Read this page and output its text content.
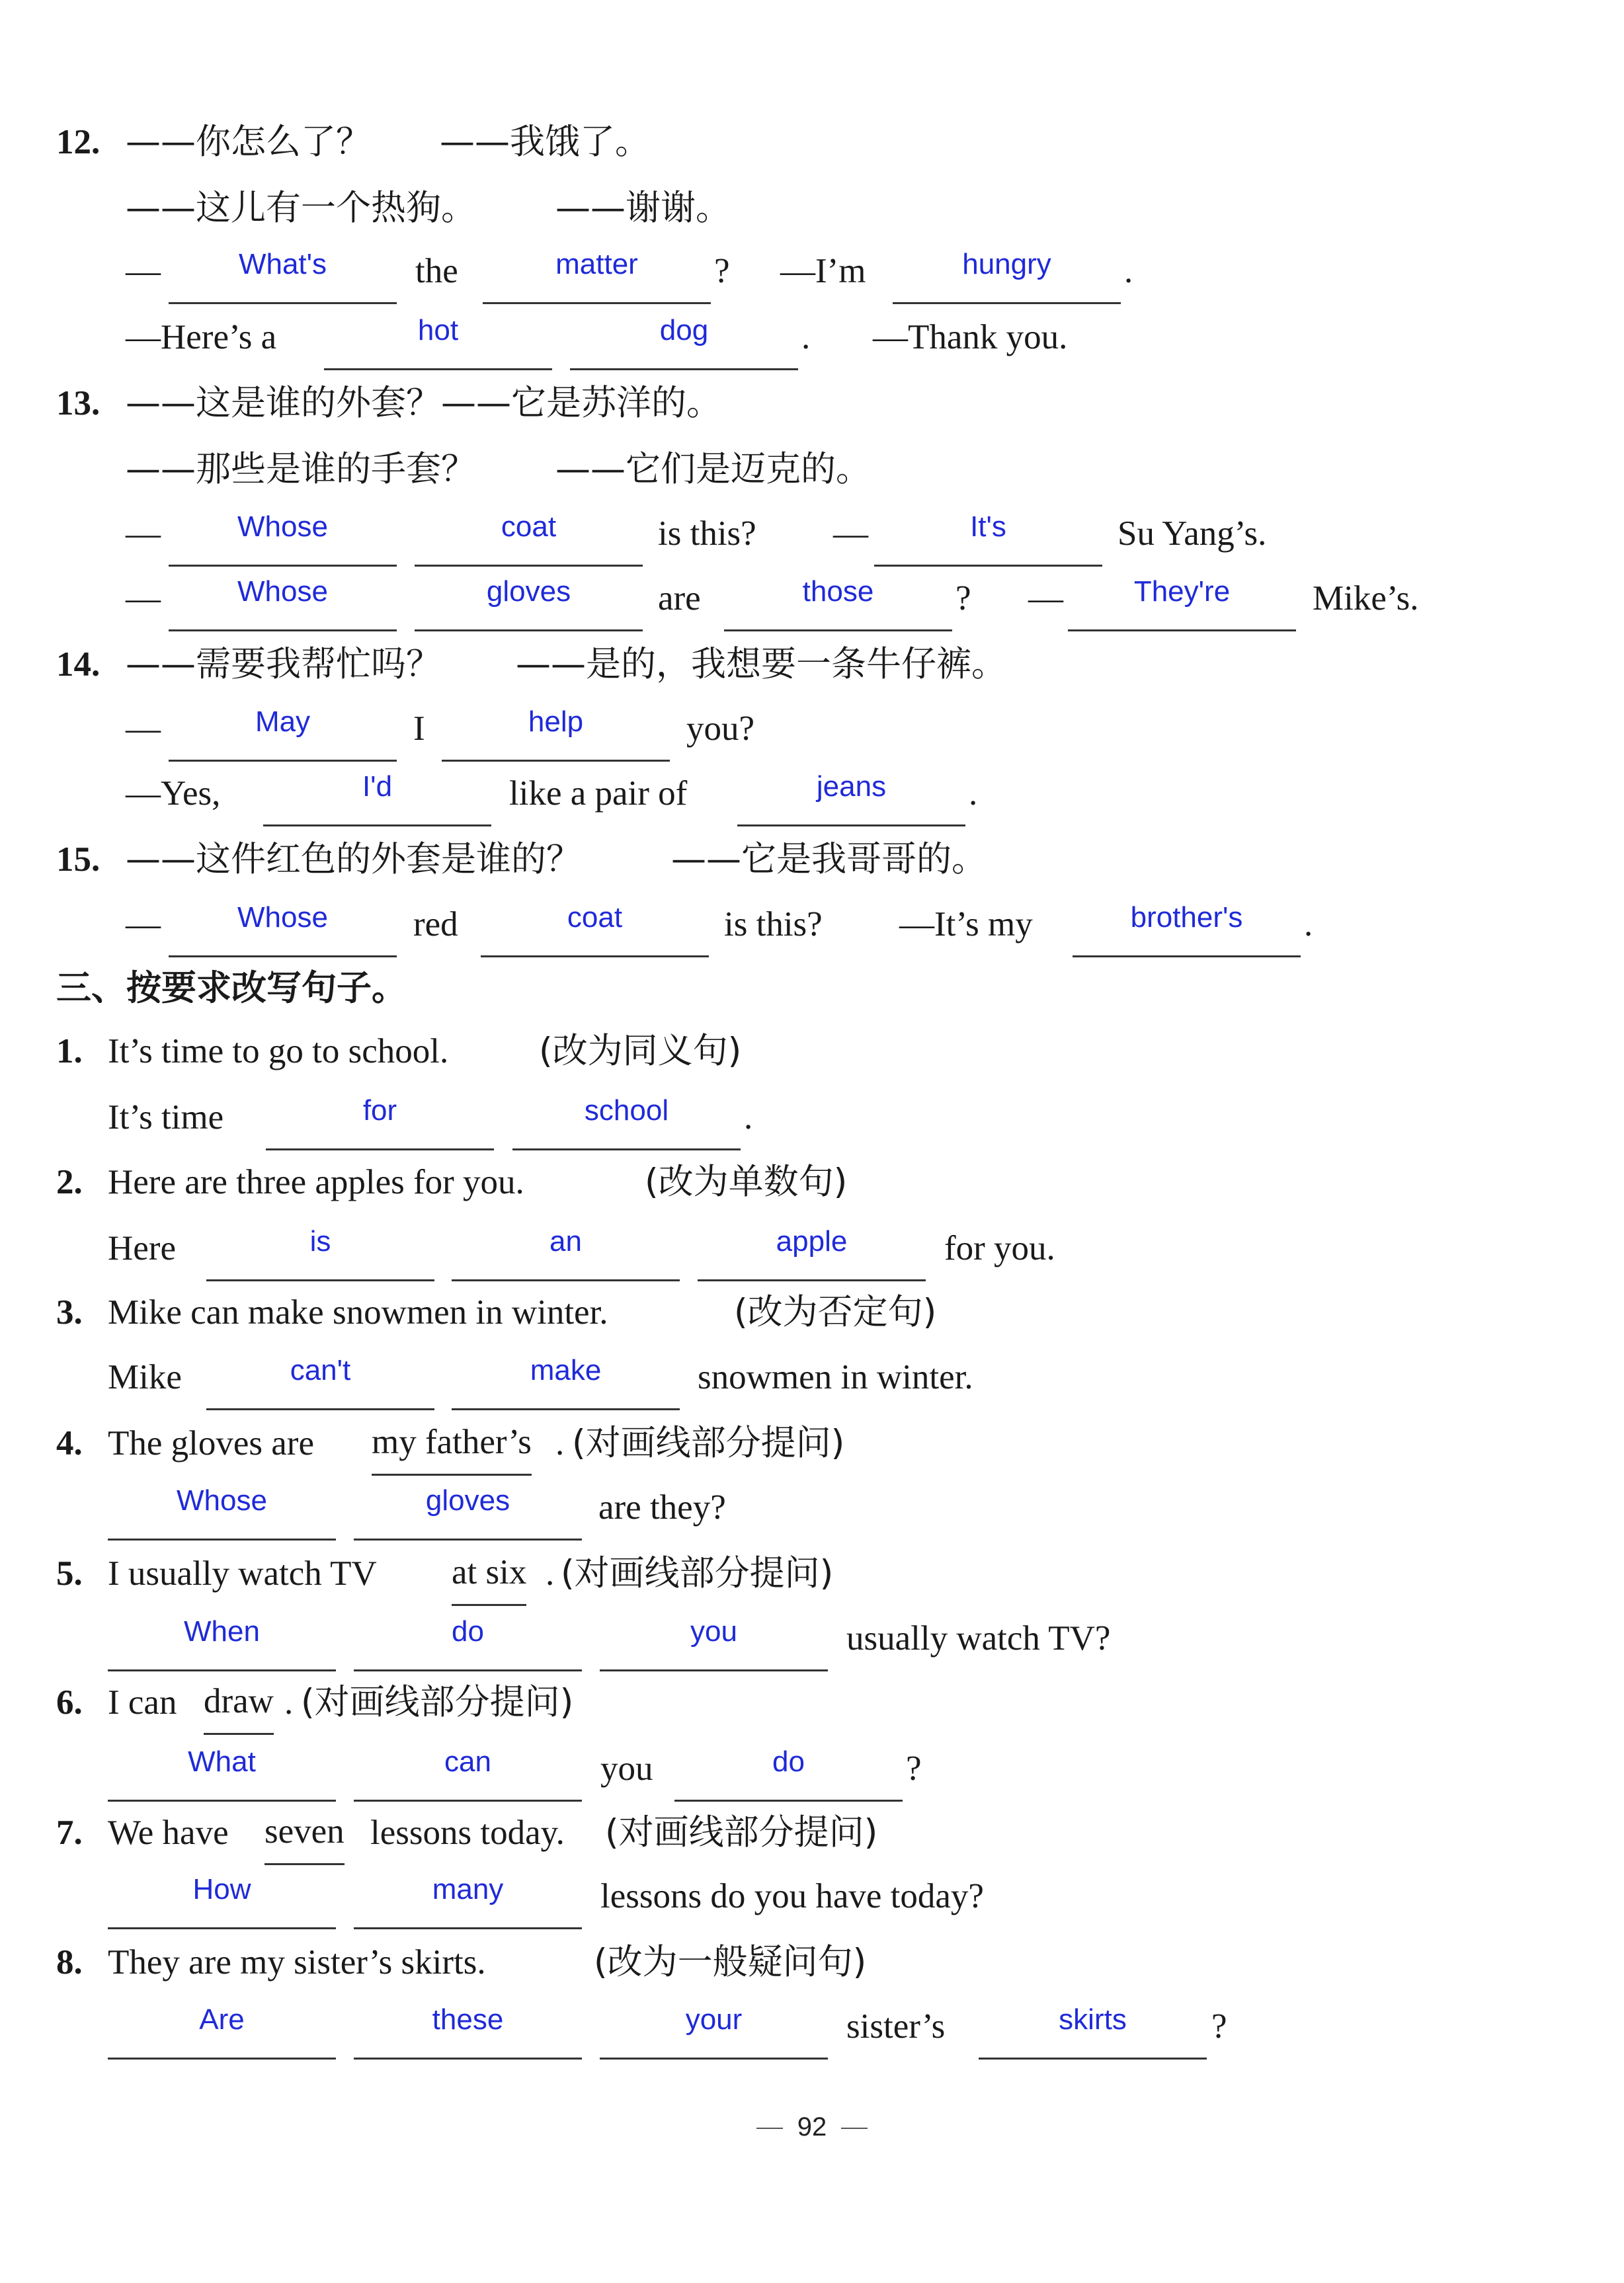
12. ——你怎么了？ ——我饿了。
——这儿有一个热狗。 ——谢谢。
—	What's	the	matter	? —I’m	hungry	.
—Here’s a	hot	dog	. —Thank you.
13. ——这是谁的外套？——它是苏洋的。
——那些是谁的手套？ ——它们是迈克的。
—	Whose	coat	is this? —	It's	Su Yang’s.
—	Whose	gloves	are	those	? —	They're	Mike’s.
14. ——需要我帮忙吗？ ——是的，我想要一条牛仔裤。
—	May	I	help	you?
—Yes,	I'd	like a pair of	jeans	.
15. ——这件红色的外套是谁的？	——它是我哥哥的。
—	Whose	red	coat	is this? —It’s my	brother's	.
三、按要求改写句子。
1. It’s time to go to school.	(改为同义句)
It’s time	for	school	.
2. Here are three apples for you.	(改为单数句)
Here	is	an	apple	for you.
3. Mike can make snowmen in winter.	(改为否定句)
Mike	can't	make	snowmen in winter.
4. The gloves are my father’s . (对画线部分提问)
Whose	gloves	are they?
5. I usually watch TV at six . (对画线部分提问)
When	do	you	usually watch TV?
6. I can draw . (对画线部分提问)
What	can	you	do	?
7. We have seven lessons today. (对画线部分提问)
How	many	lessons do you have today?
8. They are my sister’s skirts.	(改为一般疑问句)
Are	these	your	sister’s	skirts	?
92
